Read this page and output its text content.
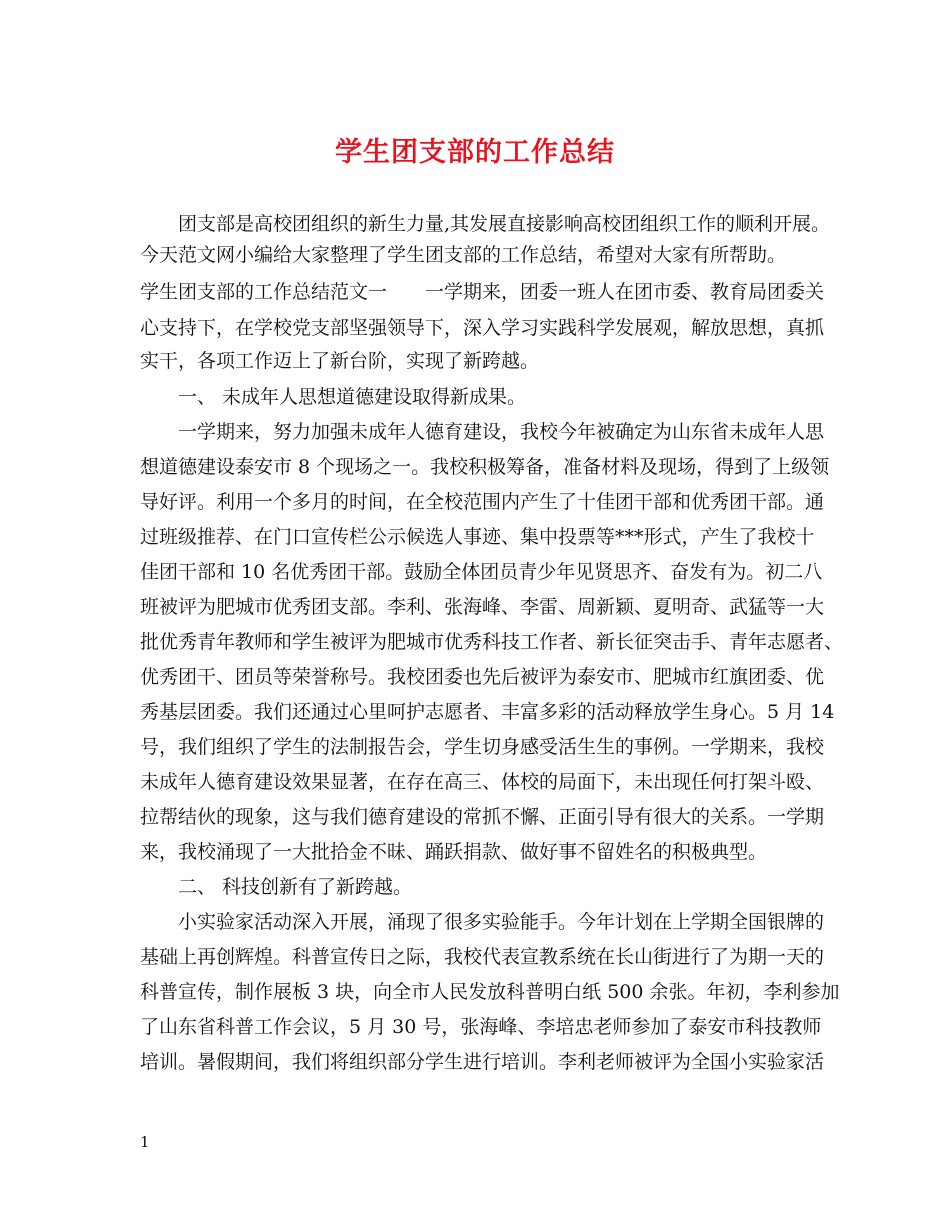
学生团支部的工作总结
团支部是高校团组织的新生力量,其发展直接影响高校团组织工作的顺利开展。
今天范文网小编给大家整理了学生团支部的工作总结，希望对大家有所帮助。
学生团支部的工作总结范文一　　一学期来，团委一班人在团市委、教育局团委关
心支持下，在学校党支部坚强领导下，深入学习实践科学发展观，解放思想，真抓
实干，各项工作迈上了新台阶，实现了新跨越。
一、 未成年人思想道德建设取得新成果。
一学期来，努力加强未成年人德育建设，我校今年被确定为山东省未成年人思
想道德建设泰安市 8 个现场之一。我校积极筹备，准备材料及现场，得到了上级领
导好评。利用一个多月的时间，在全校范围内产生了十佳团干部和优秀团干部。通
过班级推荐、在门口宣传栏公示候选人事迹、集中投票等***形式，产生了我校十
佳团干部和 10 名优秀团干部。鼓励全体团员青少年见贤思齐、奋发有为。初二八
班被评为肥城市优秀团支部。李利、张海峰、李雷、周新颖、夏明奇、武猛等一大
批优秀青年教师和学生被评为肥城市优秀科技工作者、新长征突击手、青年志愿者、
优秀团干、团员等荣誉称号。我校团委也先后被评为泰安市、肥城市红旗团委、优
秀基层团委。我们还通过心里呵护志愿者、丰富多彩的活动释放学生身心。5 月 14
号，我们组织了学生的法制报告会，学生切身感受活生生的事例。一学期来，我校
未成年人德育建设效果显著，在存在高三、体校的局面下，未出现任何打架斗殴、
拉帮结伙的现象，这与我们德育建设的常抓不懈、正面引导有很大的关系。一学期
来，我校涌现了一大批拾金不昧、踊跃捐款、做好事不留姓名的积极典型。
二、 科技创新有了新跨越。
小实验家活动深入开展，涌现了很多实验能手。今年计划在上学期全国银牌的
基础上再创辉煌。科普宣传日之际，我校代表宣教系统在长山街进行了为期一天的
科普宣传，制作展板 3 块，向全市人民发放科普明白纸 500 余张。年初，李利参加
了山东省科普工作会议，5 月 30 号，张海峰、李培忠老师参加了泰安市科技教师
培训。暑假期间，我们将组织部分学生进行培训。李利老师被评为全国小实验家活
1
